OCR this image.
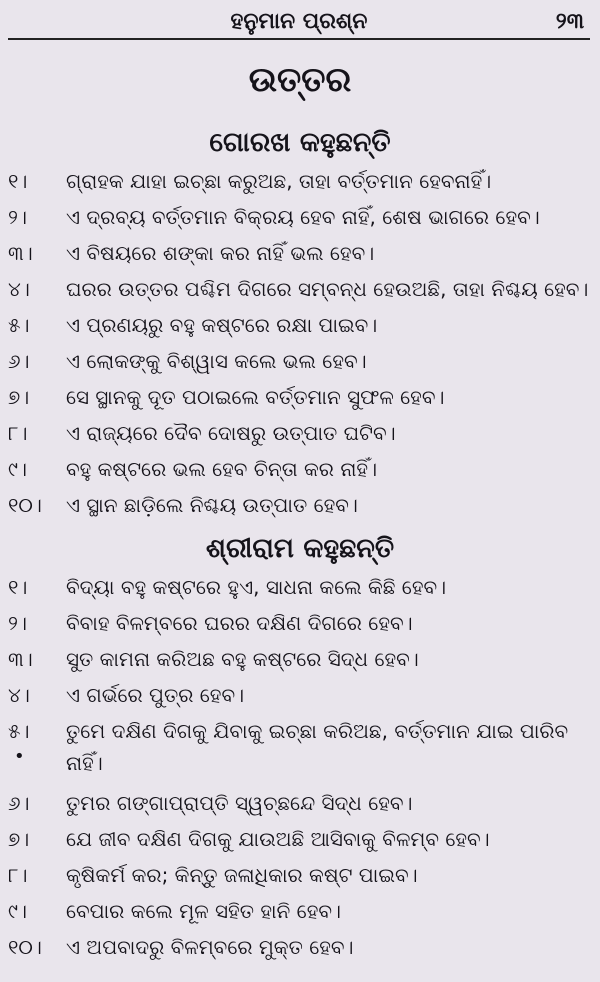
ହନୁମାନ ପ୍ରଶ୍ନ	୨୩
ଉତ୍ତର
ଗୋରଖ କହୁଛନ୍ତି
୧। ଗ୍ରାହକ ଯାହା ଇଚ୍ଛା କରୁଅଛ, ତାହା ବର୍ତ୍ତମାନ ହେବନାହିଁ।
୨। ଏ ଦ୍ରବ୍ୟ ବର୍ତ୍ତମାନ ବିକ୍ରୟ ହେବ ନାହିଁ, ଶେଷ ଭାଗରେ ହେବ।
୩। ଏ ବିଷୟରେ ଶଙ୍କା କର ନାହିଁ ଭଲ ହେବ।
୪। ଘରର ଉତ୍ତର ପଶ୍ଚିମ ଦିଗରେ ସମ୍ବନ୍ଧ ହେଉଅଛି, ତାହା ନିଶ୍ଚୟ ହେବ।
୫। ଏ ପ୍ରଣୟରୁ ବହୁ କଷ୍ଟରେ ରକ୍ଷା ପାଇବ।
୬। ଏ ଲୋକଙ୍କୁ ବିଶ୍ୱାସ କଲେ ଭଲ ହେବ।
୭। ସେ ସ୍ଥାନକୁ ଦୂତ ପଠାଇଲେ ବର୍ତ୍ତମାନ ସୁଫଳ ହେବ।
୮। ଏ ରାଜ୍ୟରେ ଦୈବ ଦୋଷରୁ ଉତ୍ପାତ ଘଟିବ।
୯। ବହୁ କଷ୍ଟରେ ଭଲ ହେବ ଚିନ୍ତା କର ନାହିଁ।
୧୦। ଏ ସ୍ଥାନ ଛାଡ଼ିଲେ ନିଶ୍ଚୟ ଉତ୍ପାତ ହେବ।
ଶ୍ରୀରାମ କହୁଛନ୍ତି
୧। ବିଦ୍ୟା ବହୁ କଷ୍ଟରେ ହୁଏ, ସାଧନା କଲେ କିଛି ହେବ।
୨। ବିବାହ ବିଳମ୍ବରେ ଘରର ଦକ୍ଷିଣ ଦିଗରେ ହେବ।
୩। ସୁତ କାମନା କରିଅଛ ବହୁ କଷ୍ଟରେ ସିଦ୍ଧ ହେବ।
୪। ଏ ଗର୍ଭରେ ପୁତ୍ର ହେବ।
୫। ତୁମେ ଦକ୍ଷିଣ ଦିଗକୁ ଯିବାକୁ ଇଚ୍ଛା କରିଅଛ, ବର୍ତ୍ତମାନ ଯାଇ ପାରିବ
• ନାହିଁ।
୬। ତୁମର ଗଙ୍ଗାପ୍ରାପ୍ତି ସ୍ୱଚ୍ଛନ୍ଦେ ସିଦ୍ଧ ହେବ।
୭। ଯେ ଜୀବ ଦକ୍ଷିଣ ଦିଗକୁ ଯାଉଅଛି ଆସିବାକୁ ବିଳମ୍ବ ହେବ।
୮। କୃଷିକର୍ମ କର; କିନ୍ତୁ ଜଳାଧିକାର କଷ୍ଟ ପାଇବ।
୯। ବେପାର କଲେ ମୂଳ ସହିତ ହାନି ହେବ।
୧୦। ଏ ଅପବାଦରୁ ବିଳମ୍ବରେ ମୁକ୍ତ ହେବ।
